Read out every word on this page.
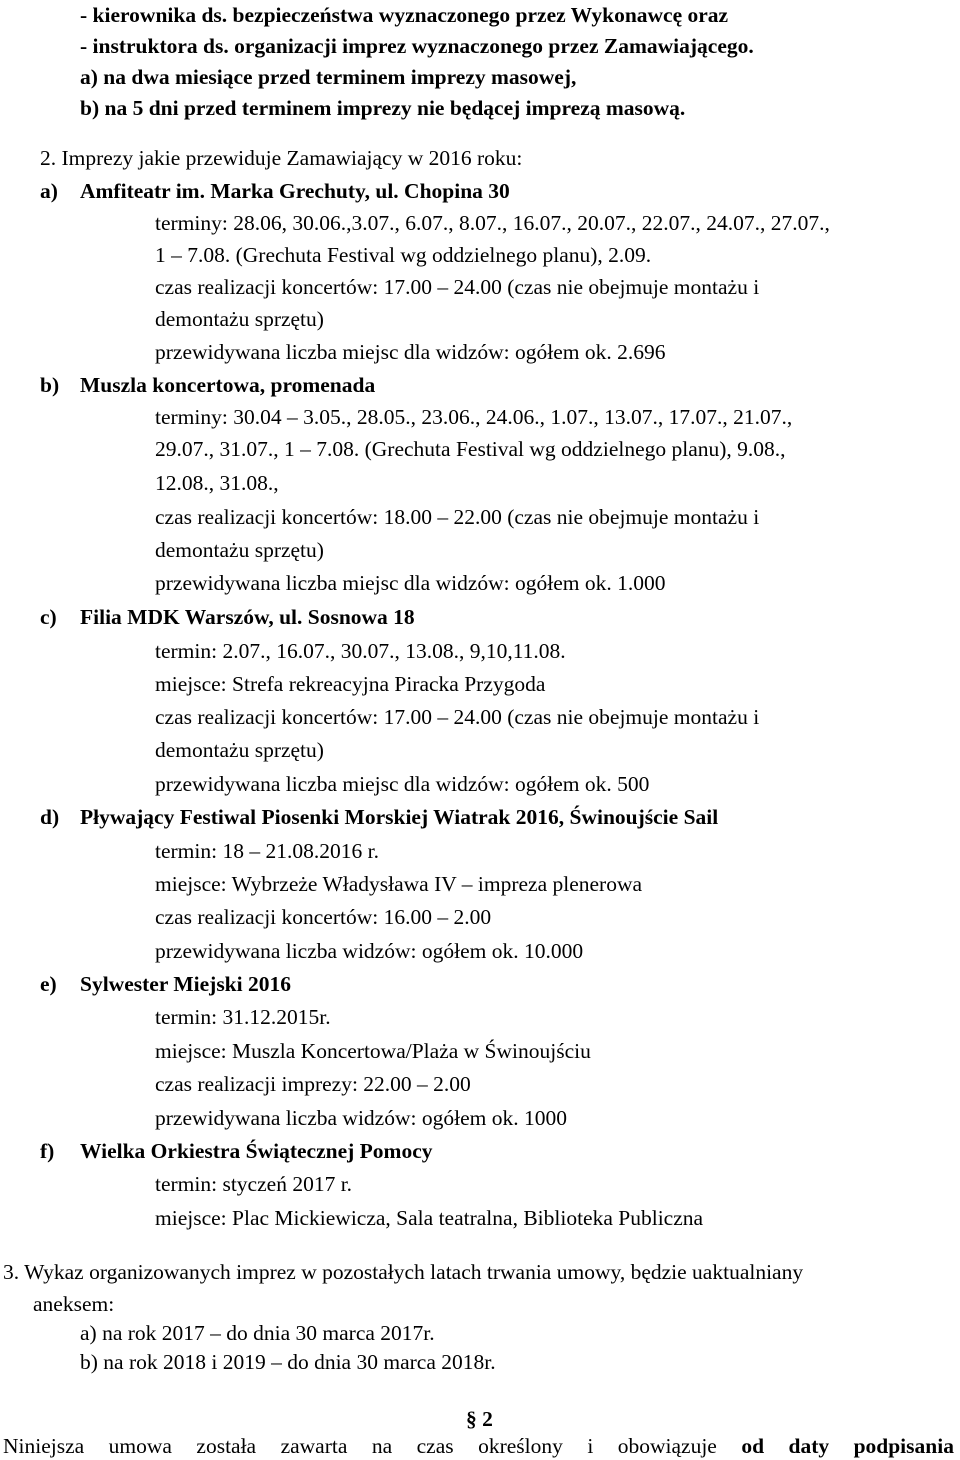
- kierownika ds. bezpieczeństwa wyznaczonego przez Wykonawcę oraz
- instruktora ds. organizacji imprez wyznaczonego przez Zamawiającego.
a) na dwa miesiące przed terminem imprezy masowej,
b) na 5 dni przed terminem imprezy nie będącej imprezą masową.
2. Imprezy jakie przewiduje Zamawiający w 2016 roku:
a) Amfiteatr im. Marka Grechuty, ul. Chopina 30
terminy: 28.06, 30.06.,3.07., 6.07., 8.07., 16.07., 20.07., 22.07., 24.07., 27.07.,
1 – 7.08. (Grechuta Festival wg oddzielnego planu), 2.09.
czas realizacji koncertów: 17.00 – 24.00 (czas nie obejmuje montażu i
demontażu sprzętu)
przewidywana liczba miejsc dla widzów: ogółem ok. 2.696
b) Muszla koncertowa, promenada
terminy: 30.04 – 3.05., 28.05., 23.06., 24.06., 1.07., 13.07., 17.07., 21.07.,
29.07., 31.07., 1 – 7.08. (Grechuta Festival wg oddzielnego planu), 9.08.,
12.08., 31.08.,
czas realizacji koncertów: 18.00 – 22.00 (czas nie obejmuje montażu i
demontażu sprzętu)
przewidywana liczba miejsc dla widzów: ogółem ok. 1.000
c) Filia MDK Warszów, ul. Sosnowa 18
termin: 2.07., 16.07., 30.07., 13.08., 9,10,11.08.
miejsce: Strefa rekreacyjna Piracka Przygoda
czas realizacji koncertów: 17.00 – 24.00 (czas nie obejmuje montażu i
demontażu sprzętu)
przewidywana liczba miejsc dla widzów: ogółem ok. 500
d) Pływający Festiwal Piosenki Morskiej Wiatrak 2016, Świnoujście Sail
termin: 18 – 21.08.2016 r.
miejsce: Wybrzeże Władysława IV – impreza plenerowa
czas realizacji koncertów: 16.00 – 2.00
przewidywana liczba widzów: ogółem ok. 10.000
e) Sylwester Miejski 2016
termin: 31.12.2015r.
miejsce: Muszla Koncertowa/Plaża w Świnoujściu
czas realizacji imprezy: 22.00 – 2.00
przewidywana liczba widzów: ogółem ok. 1000
f) Wielka Orkiestra Świątecznej Pomocy
termin: styczeń 2017 r.
miejsce: Plac Mickiewicza, Sala teatralna, Biblioteka Publiczna
3. Wykaz organizowanych imprez w pozostałych latach trwania umowy, będzie uaktualniany
aneksem:
a) na rok 2017 – do dnia 30 marca 2017r.
b) na rok 2018 i 2019 – do dnia 30 marca 2018r.
§ 2
Niniejsza umowa została zawarta na czas określony i obowiązuje od daty podpisania
